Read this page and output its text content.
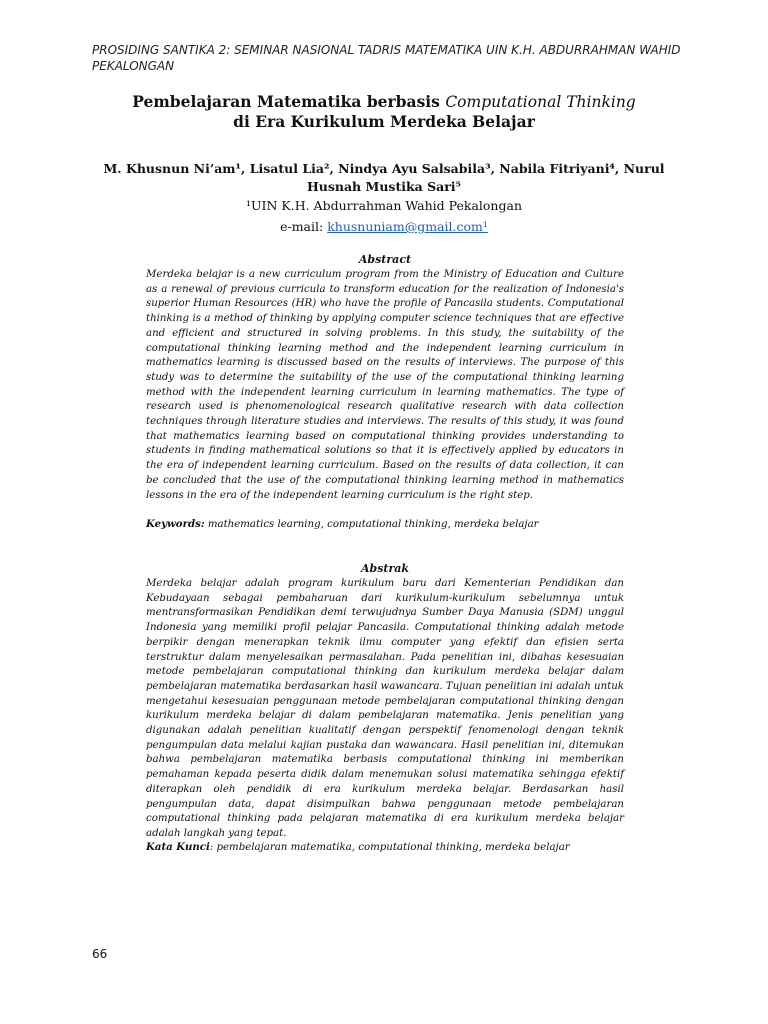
PROSIDING SANTIKA 2: SEMINAR NASIONAL TADRIS MATEMATIKA UIN K.H. ABDURRAHMAN WAHID PEKALONGAN
Pembelajaran Matematika berbasis Computational Thinking
di Era Kurikulum Merdeka Belajar
M. Khusnun Ni’am¹, Lisatul Lia², Nindya Ayu Salsabila³, Nabila Fitriyani⁴, Nurul Husnah Mustika Sari⁵
¹UIN K.H. Abdurrahman Wahid Pekalongan
e-mail: khusnuniam@gmail.com¹
Abstract

Merdeka belajar is a new curriculum program from the Ministry of Education and Culture as a renewal of previous curricula to transform education for the realization of Indonesia's superior Human Resources (HR) who have the profile of Pancasila students. Computational thinking is a method of thinking by applying computer science techniques that are effective and efficient and structured in solving problems. In this study, the suitability of the computational thinking learning method and the independent learning curriculum in mathematics learning is discussed based on the results of interviews. The purpose of this study was to determine the suitability of the use of the computational thinking learning method with the independent learning curriculum in learning mathematics. The type of research used is phenomenological research qualitative research with data collection techniques through literature studies and interviews. The results of this study, it was found that mathematics learning based on computational thinking provides understanding to students in finding mathematical solutions so that it is effectively applied by educators in the era of independent learning curriculum. Based on the results of data collection, it can be concluded that the use of the computational thinking learning method in mathematics lessons in the era of the independent learning curriculum is the right step.

Keywords: mathematics learning, computational thinking, merdeka belajar
Abstrak

Merdeka belajar adalah program kurikulum baru dari Kementerian Pendidikan dan Kebudayaan sebagai pembaharuan dari kurikulum-kurikulum sebelumnya untuk mentransformasikan Pendidikan demi terwujudnya Sumber Daya Manusia (SDM) unggul Indonesia yang memiliki profil pelajar Pancasila. Computational thinking adalah metode berpikir dengan menerapkan teknik ilmu computer yang efektif dan efisien serta terstruktur dalam menyelesaikan permasalahan. Pada penelitian ini, dibahas kesesuaian metode pembelajaran computational thinking dan kurikulum merdeka belajar dalam pembelajaran matematika berdasarkan hasil wawancara. Tujuan penelitian ini adalah untuk mengetahui kesesuaian penggunaan metode pembelajaran computational thinking dengan kurikulum merdeka belajar di dalam pembelajaran matematika. Jenis penelitian yang digunakan adalah penelitian kualitatif dengan perspektif fenomenologi dengan teknik pengumpulan data melalui kajian pustaka dan wawancara. Hasil penelitian ini, ditemukan bahwa pembelajaran matematika berbasis computational thinking ini memberikan pemahaman kepada peserta didik dalam menemukan solusi matematika sehingga efektif diterapkan oleh pendidik di era kurikulum merdeka belajar. Berdasarkan hasil pengumpulan data, dapat disimpulkan bahwa penggunaan metode pembelajaran computational thinking pada pelajaran matematika di era kurikulum merdeka belajar adalah langkah yang tepat.

Kata Kunci: pembelajaran matematika, computational thinking, merdeka belajar
66
